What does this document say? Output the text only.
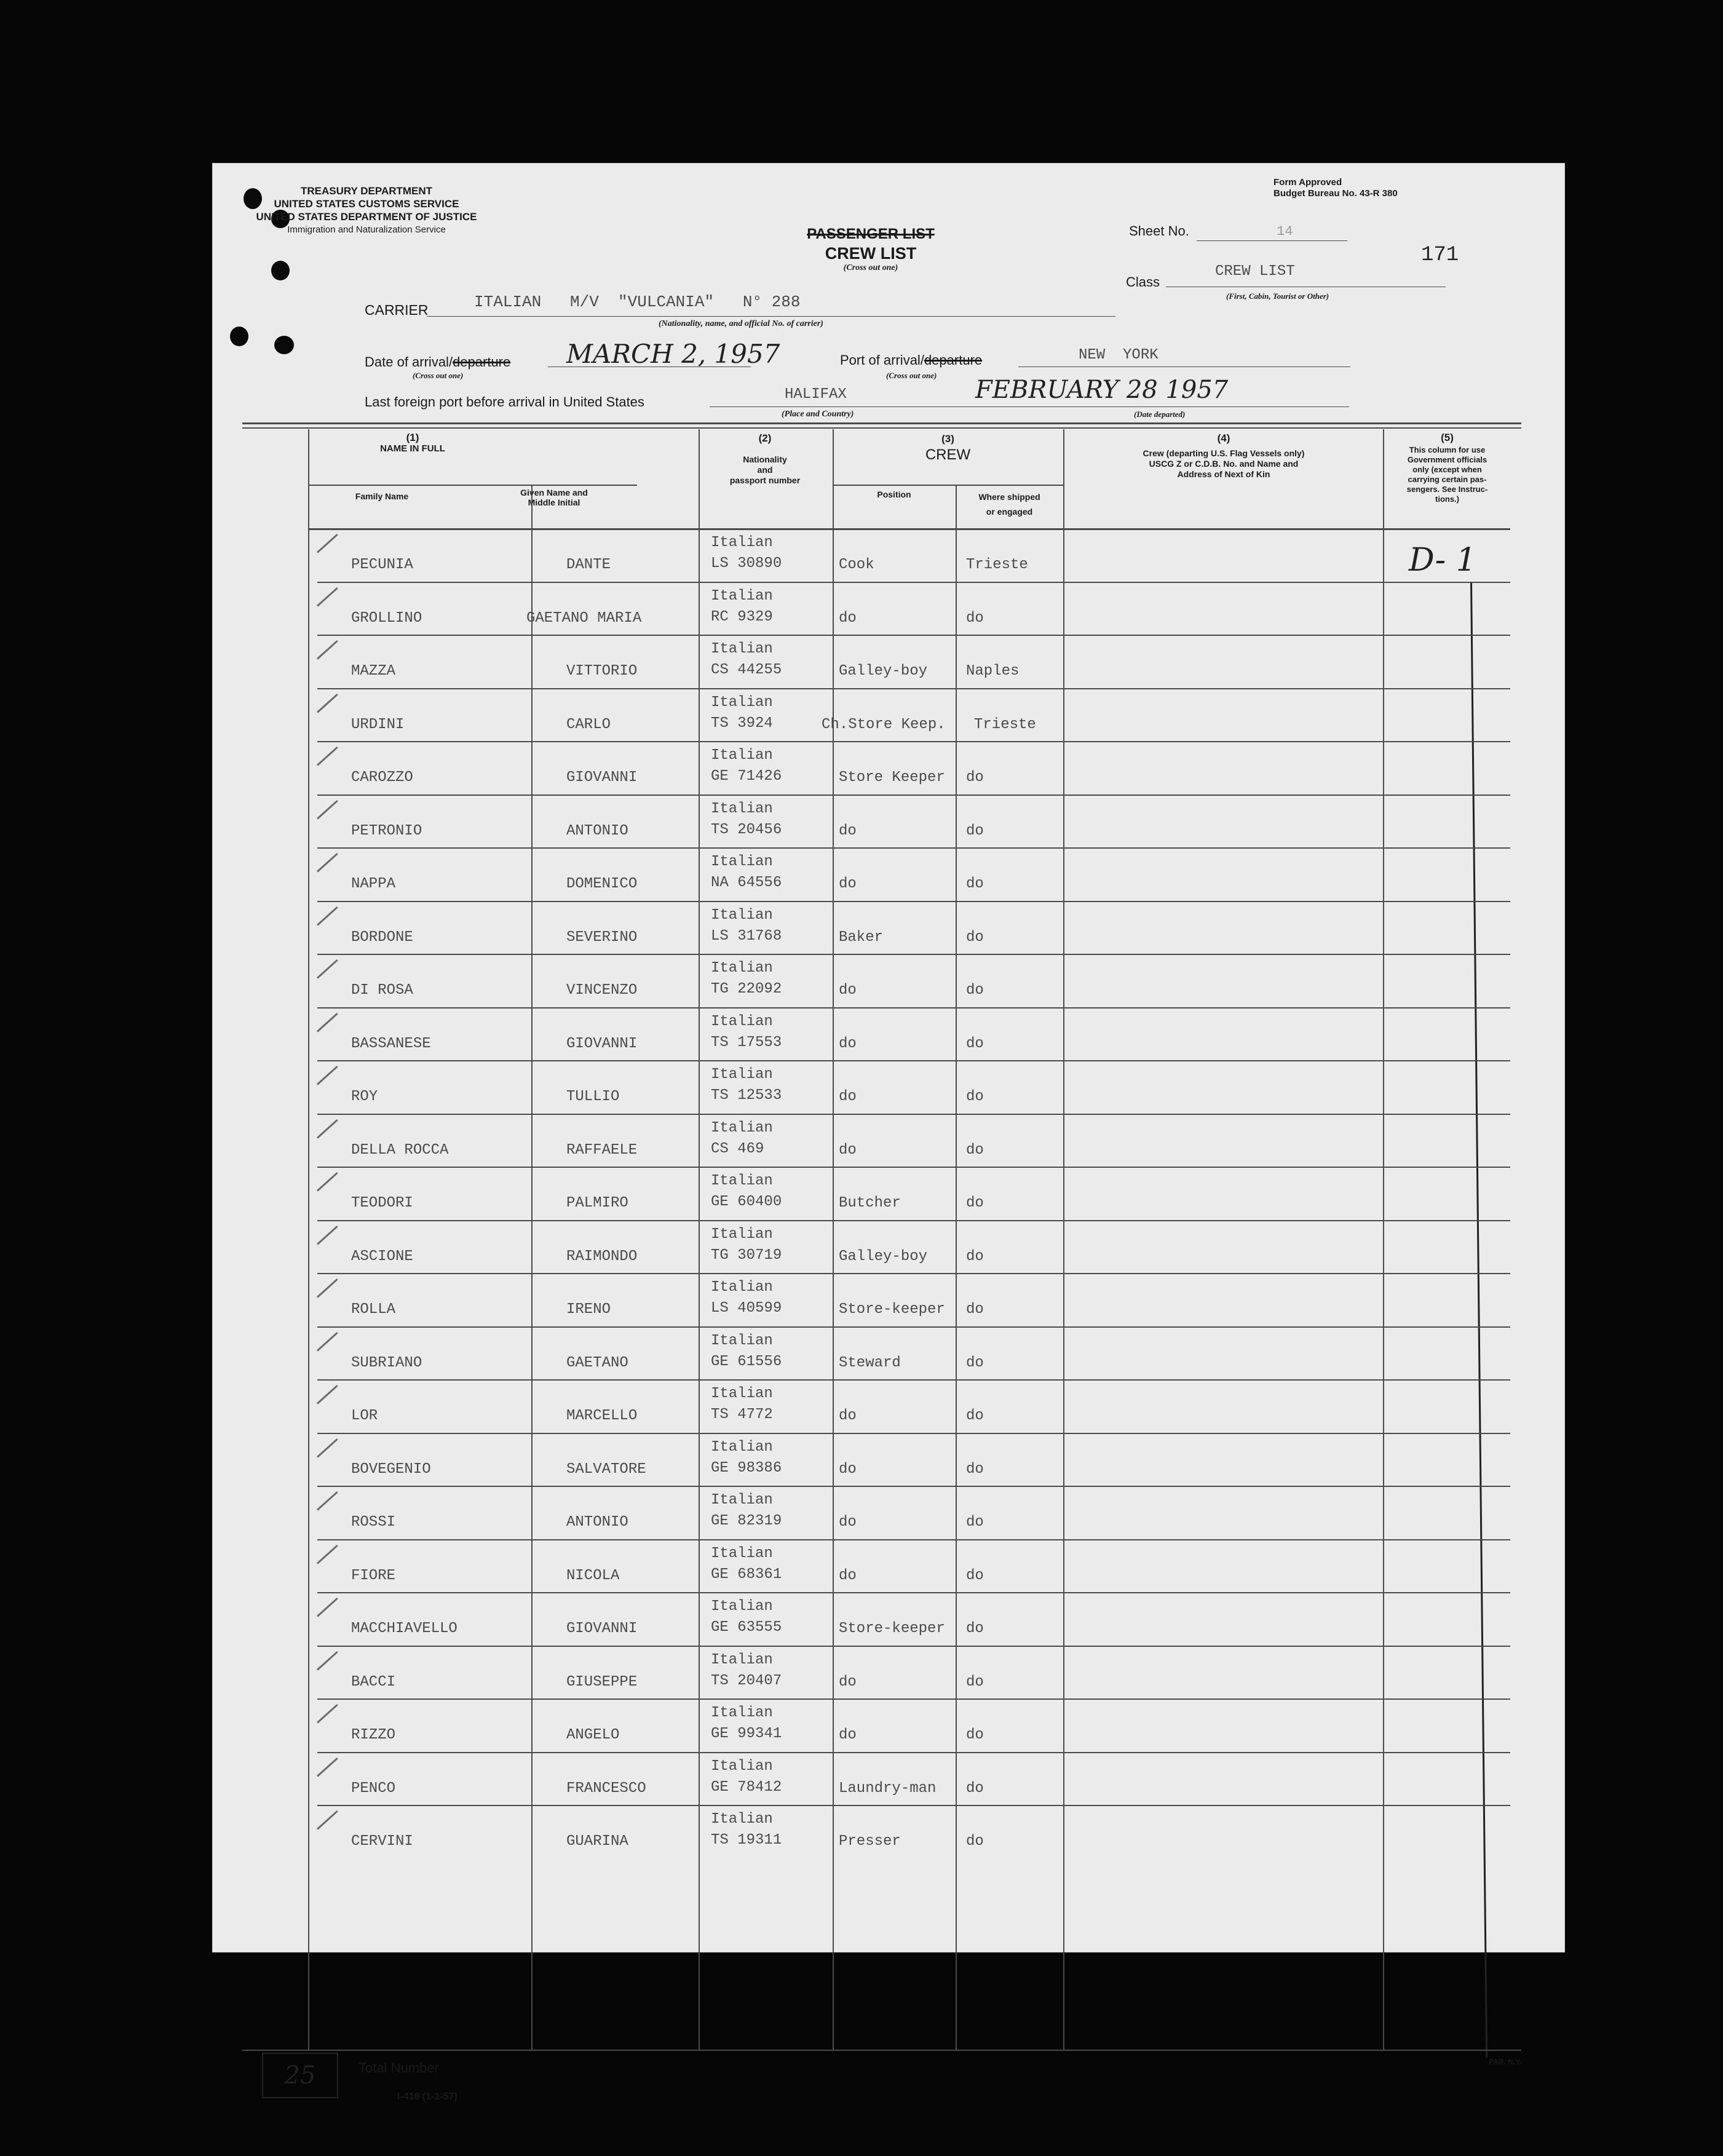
TREASURY DEPARTMENT
UNITED STATES CUSTOMS SERVICE
UNITED STATES DEPARTMENT OF JUSTICE
Immigration and Naturalization Service
Form Approved
Budget Bureau No. 43-R 380
PASSENGER LIST
CREW LIST
(Cross out one)
Sheet No.	14
171
Class
CREW LIST
(First, Cabin, Tourist or Other)
CARRIER	ITALIAN   M/V  "VULCANIA"   N° 288
(Nationality, name, and official No. of carrier)
Date of arrival/departure
(Cross out one)
MARCH 2, 1957	Port of arrival/departure
(Cross out one)
NEW  YORK
Last foreign port before arrival in United States	HALIFAX
(Place and Country)
FEBRUARY 28 1957
(Date departed)
(1)
NAME IN FULL
Family Name	Given Name and
Middle Initial
(2)
Nationality
and
passport number
(3)
CREW
Position	Where shipped
or engaged
(4)
Crew (departing U.S. Flag Vessels only)
USCG Z or C.D.B. No. and Name and
Address of Next of Kin
(5)
This column for use
Government officials
only (except when
carrying certain pas-
sengers. See Instruc-
tions.)
D- 1
PECUNIA	DANTE
Italian
LS 30890	Cook	Trieste
GROLLINO	GAETANO MARIA
Italian
RC 9329	do	do
MAZZA	VITTORIO
Italian
CS 44255	Galley-boy	Naples
URDINI	CARLO
Italian
TS 3924	Ch.Store Keep. Trieste
CAROZZO	GIOVANNI
Italian
GE 71426	Store Keeper do
PETRONIO	ANTONIO
Italian
TS 20456	do	do
NAPPA	DOMENICO
Italian
NA 64556	do	do
BORDONE	SEVERINO
Italian
LS 31768	Baker	do
DI ROSA	VINCENZO
Italian
TG 22092	do	do
BASSANESE	GIOVANNI
Italian
TS 17553	do	do
ROY	TULLIO
Italian
TS 12533	do	do
DELLA ROCCA	RAFFAELE
Italian
CS 469	do	do
TEODORI	PALMIRO
Italian
GE 60400	Butcher	do
ASCIONE	RAIMONDO
Italian
TG 30719	Galley-boy	do
ROLLA	IRENO
Italian
LS 40599	Store-keeper do
SUBRIANO	GAETANO
Italian
GE 61556	Steward	do
LOR	MARCELLO
Italian
TS 4772	do	do
BOVEGENIO	SALVATORE
Italian
GE 98386	do	do
ROSSI	ANTONIO
Italian
GE 82319	do	do
FIORE	NICOLA
Italian
GE 68361	do	do
MACCHIAVELLO	GIOVANNI
Italian
GE 63555	Store-keeper do
BACCI	GIUSEPPE
Italian
TS 20407	do	do
RIZZO	ANGELO
Italian
GE 99341	do	do
PENCO	FRANCESCO
Italian
GE 78412	Laundry-man do
CERVINI	GUARINA
Italian
TS 19311	Presser	do
25	Total Number
I-418 (1-1-57)
PAR. N.Y.
